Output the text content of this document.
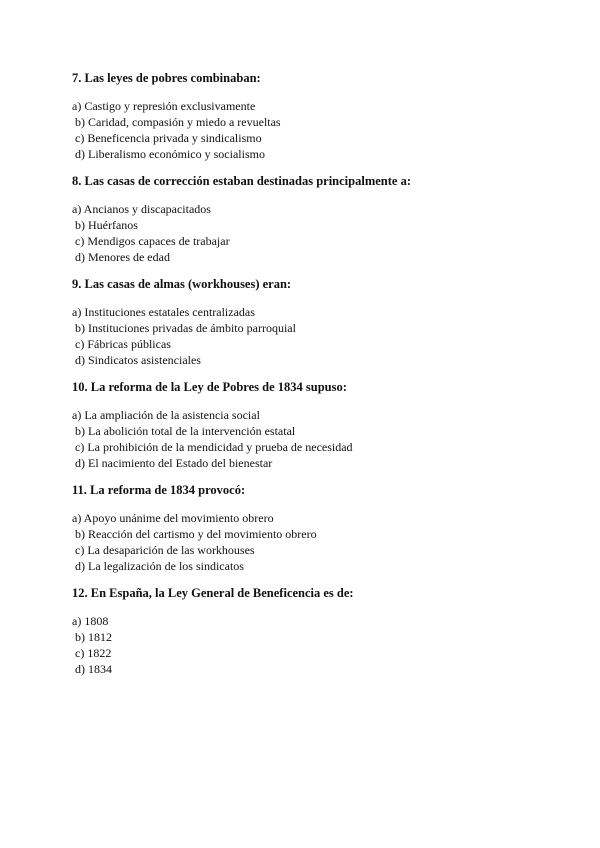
7. Las leyes de pobres combinaban:
a) Castigo y represión exclusivamente
b) Caridad, compasión y miedo a revueltas
c) Beneficencia privada y sindicalismo
d) Liberalismo económico y socialismo
8. Las casas de corrección estaban destinadas principalmente a:
a) Ancianos y discapacitados
b) Huérfanos
c) Mendigos capaces de trabajar
d) Menores de edad
9. Las casas de almas (workhouses) eran:
a) Instituciones estatales centralizadas
b) Instituciones privadas de ámbito parroquial
c) Fábricas públicas
d) Sindicatos asistenciales
10. La reforma de la Ley de Pobres de 1834 supuso:
a) La ampliación de la asistencia social
b) La abolición total de la intervención estatal
c) La prohibición de la mendicidad y prueba de necesidad
d) El nacimiento del Estado del bienestar
11. La reforma de 1834 provocó:
a) Apoyo unánime del movimiento obrero
b) Reacción del cartismo y del movimiento obrero
c) La desaparición de las workhouses
d) La legalización de los sindicatos
12. En España, la Ley General de Beneficencia es de:
a) 1808
b) 1812
c) 1822
d) 1834
